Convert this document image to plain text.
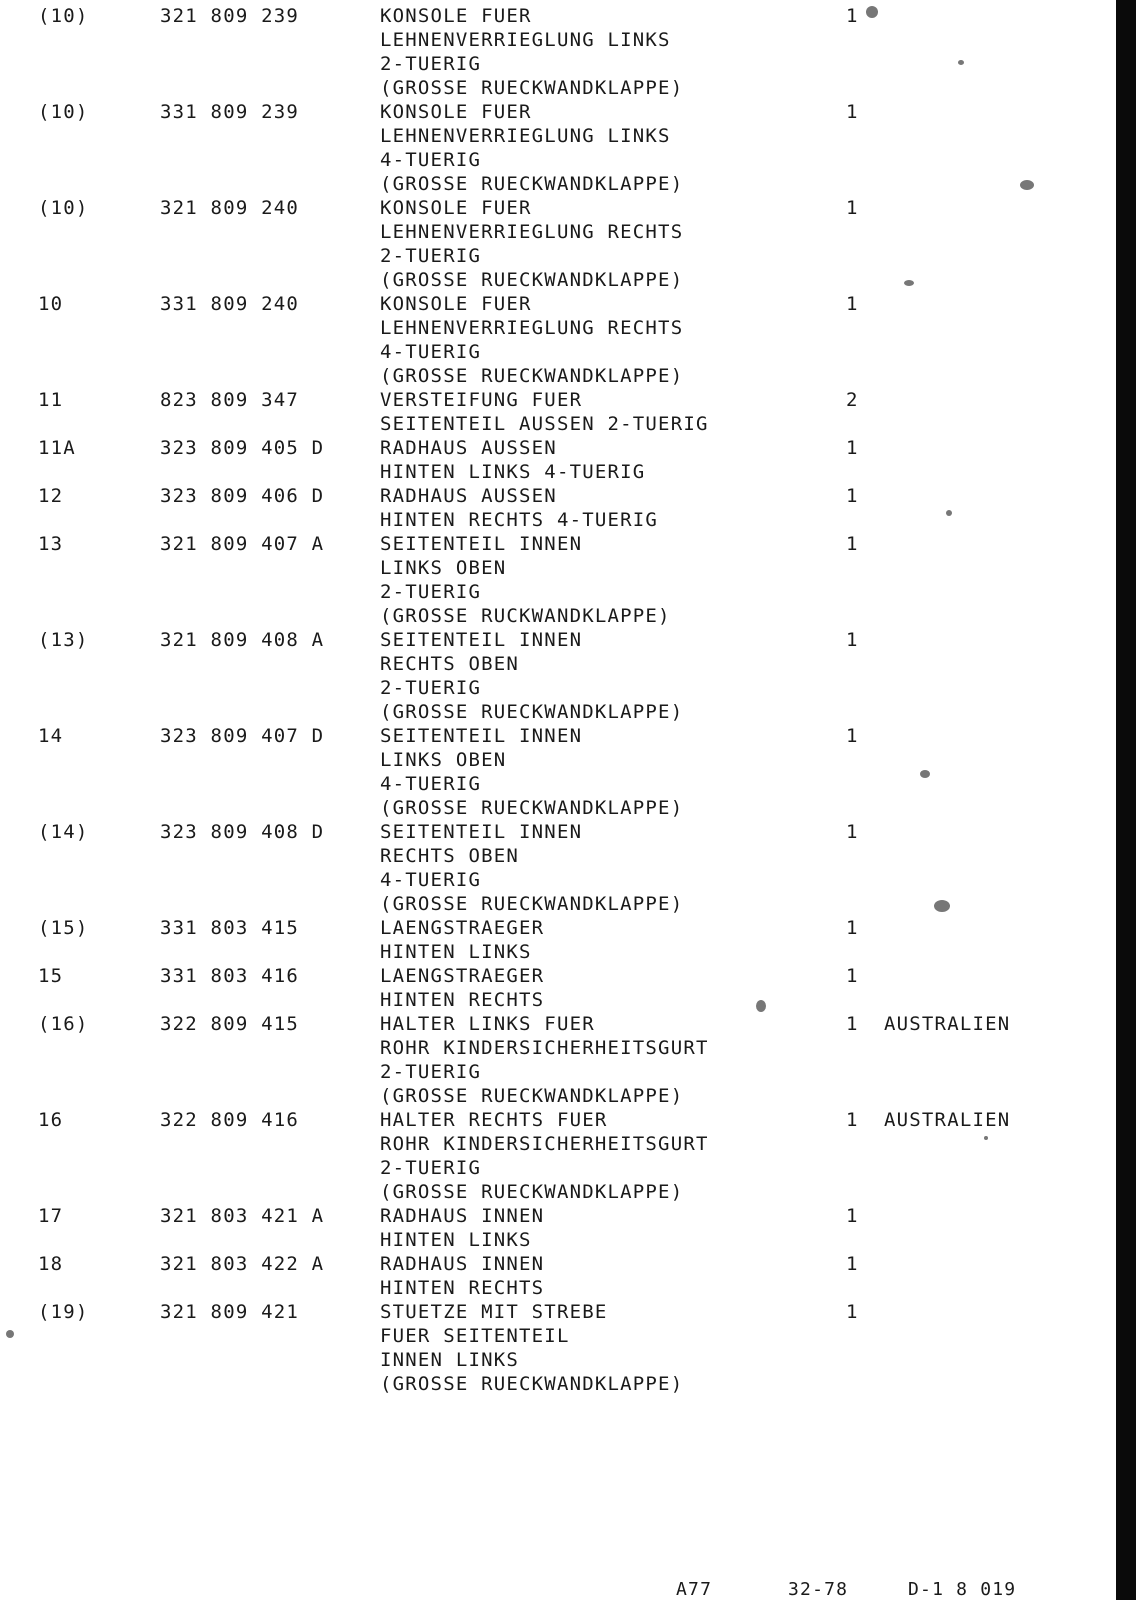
(10)	321 809 239	KONSOLE FUER
LEHNENVERRIEGLUNG LINKS
2-TUERIG
(GROSSE RUECKWANDKLAPPE)
1
(10)	331 809 239	KONSOLE FUER
LEHNENVERRIEGLUNG LINKS
4-TUERIG
(GROSSE RUECKWANDKLAPPE)
1
(10)	321 809 240	KONSOLE FUER
LEHNENVERRIEGLUNG RECHTS
2-TUERIG
(GROSSE RUECKWANDKLAPPE)
1
10	331 809 240	KONSOLE FUER
LEHNENVERRIEGLUNG RECHTS
4-TUERIG
(GROSSE RUECKWANDKLAPPE)
1
11	823 809 347	VERSTEIFUNG FUER
SEITENTEIL AUSSEN 2-TUERIG
2
11A	323 809 405 D	RADHAUS AUSSEN
HINTEN LINKS 4-TUERIG
1
12	323 809 406 D	RADHAUS AUSSEN
HINTEN RECHTS 4-TUERIG
1
13	321 809 407 A	SEITENTEIL INNEN
LINKS OBEN
2-TUERIG
(GROSSE RUCKWANDKLAPPE)
1
(13)	321 809 408 A	SEITENTEIL INNEN
RECHTS OBEN
2-TUERIG
(GROSSE RUECKWANDKLAPPE)
1
14	323 809 407 D	SEITENTEIL INNEN
LINKS OBEN
4-TUERIG
(GROSSE RUECKWANDKLAPPE)
1
(14)	323 809 408 D	SEITENTEIL INNEN
RECHTS OBEN
4-TUERIG
(GROSSE RUECKWANDKLAPPE)
1
(15)	331 803 415	LAENGSTRAEGER
HINTEN LINKS
1
15	331 803 416	LAENGSTRAEGER
HINTEN RECHTS
1
(16)	322 809 415	HALTER LINKS FUER
ROHR KINDERSICHERHEITSGURT
2-TUERIG
(GROSSE RUECKWANDKLAPPE)
1 AUSTRALIEN
16	322 809 416	HALTER RECHTS FUER
ROHR KINDERSICHERHEITSGURT
2-TUERIG
(GROSSE RUECKWANDKLAPPE)
1 AUSTRALIEN
17	321 803 421 A	RADHAUS INNEN
HINTEN LINKS
1
18	321 803 422 A	RADHAUS INNEN
HINTEN RECHTS
1
(19)	321 809 421	STUETZE MIT STREBE
FUER SEITENTEIL
INNEN LINKS
(GROSSE RUECKWANDKLAPPE)
1
A77	32-78	D-1 8 019
